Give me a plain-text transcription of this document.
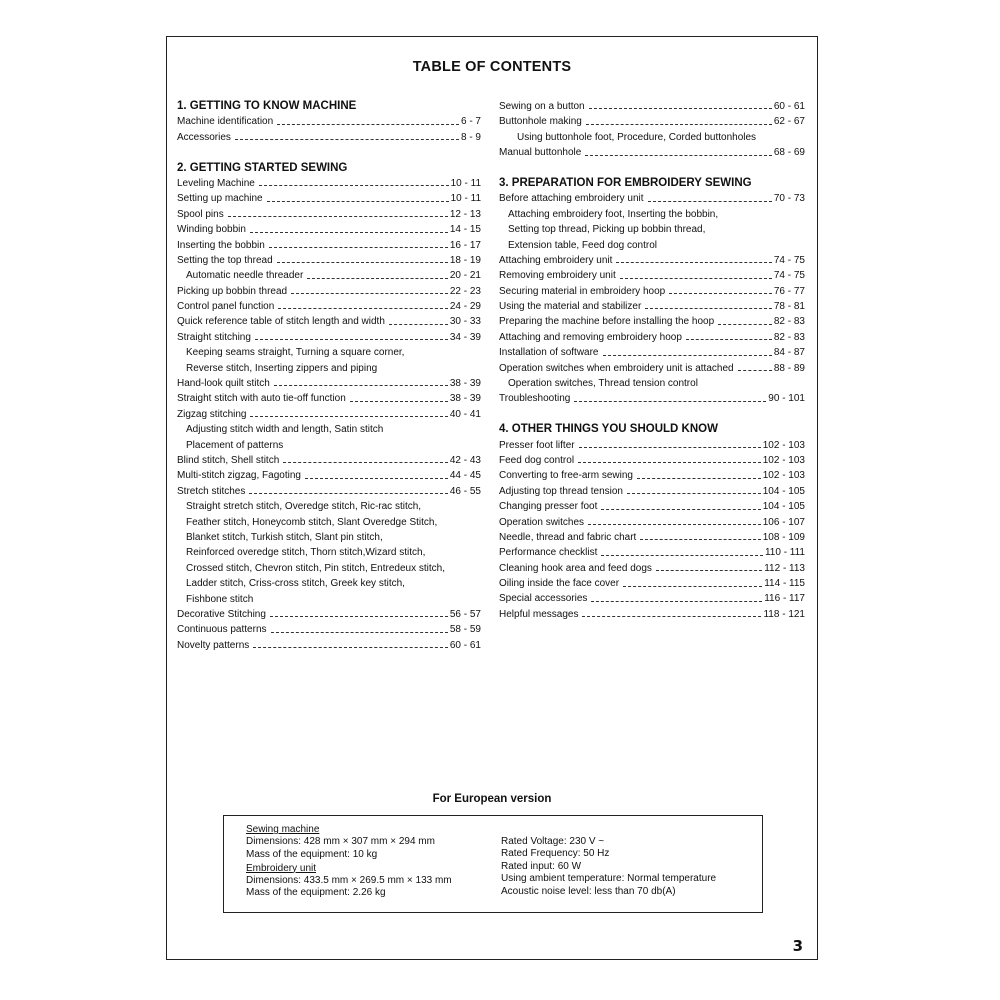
TABLE OF CONTENTS
1. GETTING TO KNOW MACHINE
Machine identification	6 - 7
Accessories	8 - 9
2. GETTING STARTED SEWING
Leveling Machine	10 - 11
Setting up machine	10 - 11
Spool pins	12 - 13
Winding bobbin	14 - 15
Inserting the bobbin	16 - 17
Setting the top thread	18 - 19
Automatic needle threader	20 - 21
Picking up bobbin thread	22 - 23
Control panel function	24 - 29
Quick reference table of stitch length and width	30 - 33
Straight stitching	34 - 39
Keeping seams straight, Turning a square corner,
Reverse stitch, Inserting zippers and piping
Hand-look quilt stitch	38 - 39
Straight stitch with auto tie-off function	38 - 39
Zigzag stitching	40 - 41
Adjusting stitch width and length, Satin stitch
Placement of patterns
Blind stitch, Shell stitch	42 - 43
Multi-stitch zigzag, Fagoting	44 - 45
Stretch stitches	46 - 55
Straight stretch stitch, Overedge stitch, Ric-rac stitch,
Feather stitch, Honeycomb stitch, Slant Overedge Stitch,
Blanket stitch, Turkish stitch, Slant pin stitch,
Reinforced overedge stitch, Thorn stitch,Wizard stitch,
Crossed stitch, Chevron stitch, Pin stitch, Entredeux stitch,
Ladder stitch, Criss-cross stitch, Greek key stitch,
Fishbone stitch
Decorative Stitching	56 - 57
Continuous patterns	58 - 59
Novelty patterns	60 - 61
Sewing on a button	60 - 61
Buttonhole making	62 - 67
Using buttonhole foot, Procedure, Corded buttonholes
Manual buttonhole	68 - 69
3. PREPARATION FOR EMBROIDERY SEWING
Before attaching embroidery unit	70 - 73
Attaching embroidery foot, Inserting the bobbin,
Setting top thread, Picking up bobbin thread,
Extension table, Feed dog control
Attaching embroidery unit	74 - 75
Removing embroidery unit	74 - 75
Securing material in embroidery hoop	76 - 77
Using the material and stabilizer	78 - 81
Preparing the machine before installing the hoop	82 - 83
Attaching and removing embroidery hoop	82 - 83
Installation of software	84 - 87
Operation switches when embroidery unit is attached	88 - 89
Operation switches, Thread tension control
Troubleshooting	90 - 101
4. OTHER THINGS YOU SHOULD KNOW
Presser foot lifter	102 - 103
Feed dog control	102 - 103
Converting to free-arm sewing	102 - 103
Adjusting top thread tension	104 - 105
Changing presser foot	104 - 105
Operation switches	106 - 107
Needle, thread and fabric chart	108 - 109
Performance checklist	110 - 111
Cleaning hook area and feed dogs	112 - 113
Oiling inside the face cover	114 - 115
Special accessories	116 - 117
Helpful messages	118 - 121
For European version
Sewing machine
Dimensions: 428 mm × 307 mm × 294 mm
Mass of the equipment: 10 kg
Embroidery unit
Dimensions: 433.5 mm × 269.5 mm × 133 mm
Mass of the equipment: 2.26 kg
Rated Voltage: 230 V ~
Rated Frequency: 50 Hz
Rated input: 60 W
Using ambient temperature: Normal temperature
Acoustic noise level: less than 70 db(A)
3
